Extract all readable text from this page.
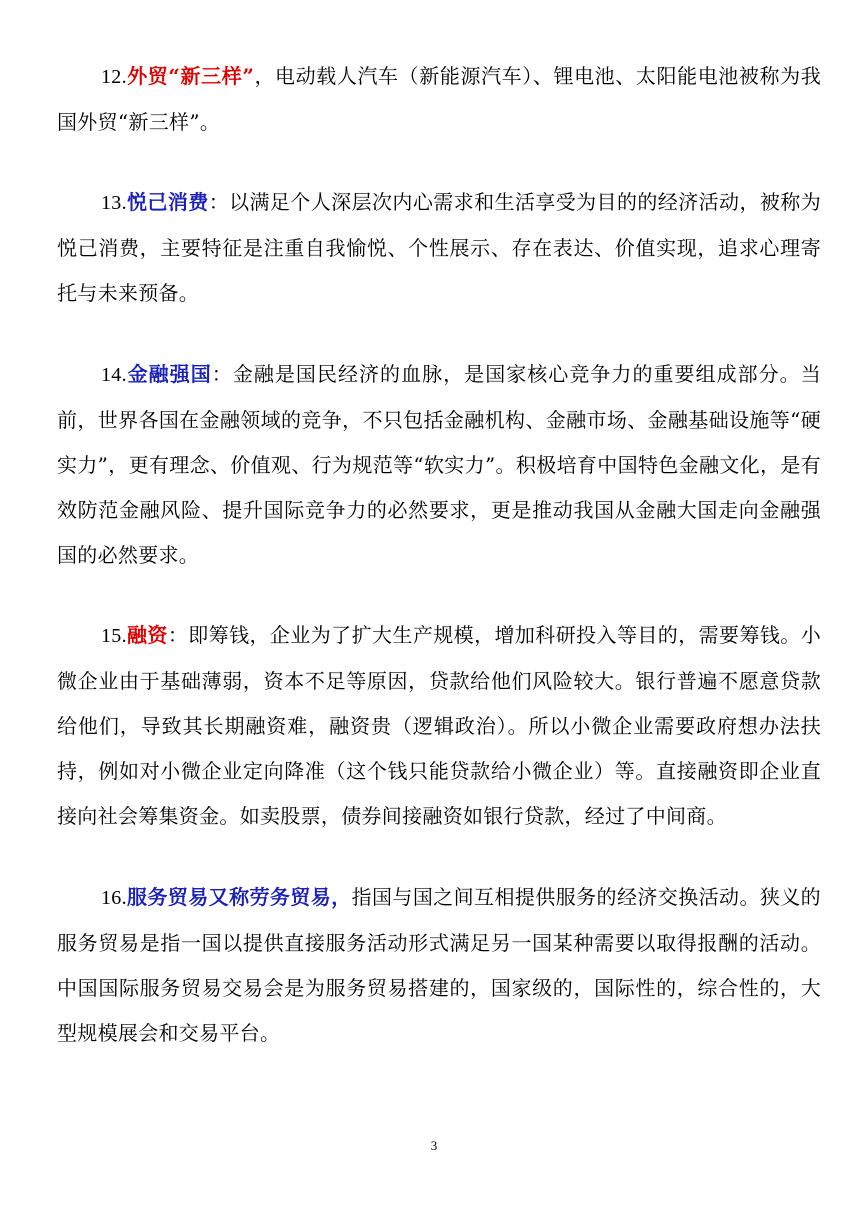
12.外贸“新三样”，电动载人汽车（新能源汽车）、锂电池、太阳能电池被称为我国外贸“新三样”。

13.悦己消费：以满足个人深层次内心需求和生活享受为目的的经济活动，被称为悦己消费，主要特征是注重自我愉悦、个性展示、存在表达、价值实现，追求心理寄托与未来预备。

14.金融强国：金融是国民经济的血脉，是国家核心竞争力的重要组成部分。当前，世界各国在金融领域的竞争，不只包括金融机构、金融市场、金融基础设施等“硬实力”，更有理念、价值观、行为规范等“软实力”。积极培育中国特色金融文化，是有效防范金融风险、提升国际竞争力的必然要求，更是推动我国从金融大国走向金融强国的必然要求。

15.融资：即筹钱，企业为了扩大生产规模，增加科研投入等目的，需要筹钱。小微企业由于基础薄弱，资本不足等原因，贷款给他们风险较大。银行普遍不愿意贷款给他们，导致其长期融资难，融资贵（逻辑政治）。所以小微企业需要政府想办法扶持，例如对小微企业定向降准（这个钱只能贷款给小微企业）等。直接融资即企业直接向社会筹集资金。如卖股票，债券间接融资如银行贷款，经过了中间商。

16.服务贸易又称劳务贸易，指国与国之间互相提供服务的经济交换活动。狭义的服务贸易是指一国以提供直接服务活动形式满足另一国某种需要以取得报酬的活动。中国国际服务贸易交易会是为服务贸易搭建的，国家级的，国际性的，综合性的，大型规模展会和交易平台。

3
